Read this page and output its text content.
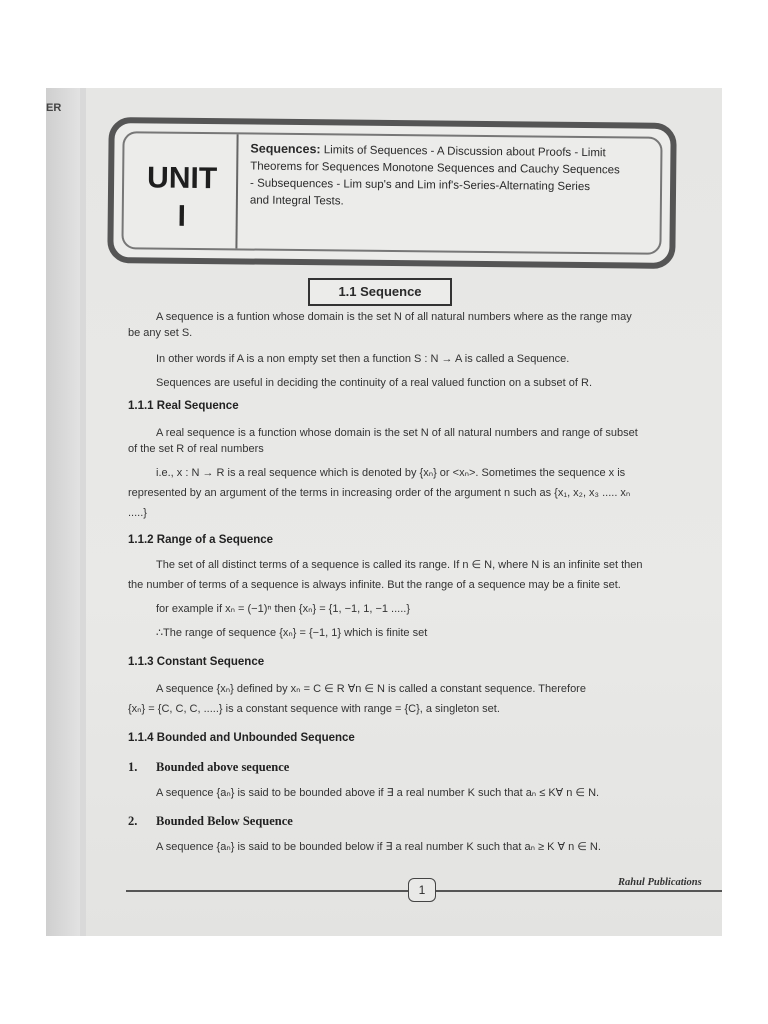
ER
UNIT
I
Sequences: Limits of Sequences - A Discussion about Proofs - Limit
Theorems for Sequences Monotone Sequences and Cauchy Sequences
- Subsequences - Lim sup's and Lim inf's-Series-Alternating Series
and Integral Tests.
1.1 Sequence
A sequence is a funtion whose domain is the set N of all natural numbers where as the range may
be any set S.
In other words if A is a non empty set then a function S : N → A is called a Sequence.
Sequences are useful in deciding the continuity of a real valued function on a subset of R.
1.1.1 Real Sequence
A real sequence is a function whose domain is the set N of all natural numbers and range of subset
of the set R of real numbers
i.e., x : N → R is a real sequence which is denoted by {xₙ} or <xₙ>. Sometimes the sequence x is
represented by an argument of the terms in increasing order of the argument n such as {x₁, x₂, x₃ ..... xₙ
.....}
1.1.2 Range of a Sequence
The set of all distinct terms of a sequence is called its range. If n ∈ N, where N is an infinite set then
the number of terms of a sequence is always infinite. But the range of a sequence may be a finite set.
for example if xₙ = (−1)ⁿ then {xₙ} = {1, −1, 1, −1 .....}
∴The range of sequence {xₙ} = {−1, 1} which is finite set
1.1.3 Constant Sequence
A sequence {xₙ} defined by xₙ = C ∈ R ∀n ∈ N is called a constant sequence. Therefore
{xₙ} = {C, C, C, .....} is a constant sequence with range = {C}, a singleton set.
1.1.4 Bounded and Unbounded Sequence
1. Bounded above sequence
A sequence {aₙ} is said to be bounded above if ∃ a real number K such that aₙ ≤ K∀ n ∈ N.
2. Bounded Below Sequence
A sequence {aₙ} is said to be bounded below if ∃ a real number K such that aₙ ≥ K ∀ n ∈ N.
1
Rahul Publications
